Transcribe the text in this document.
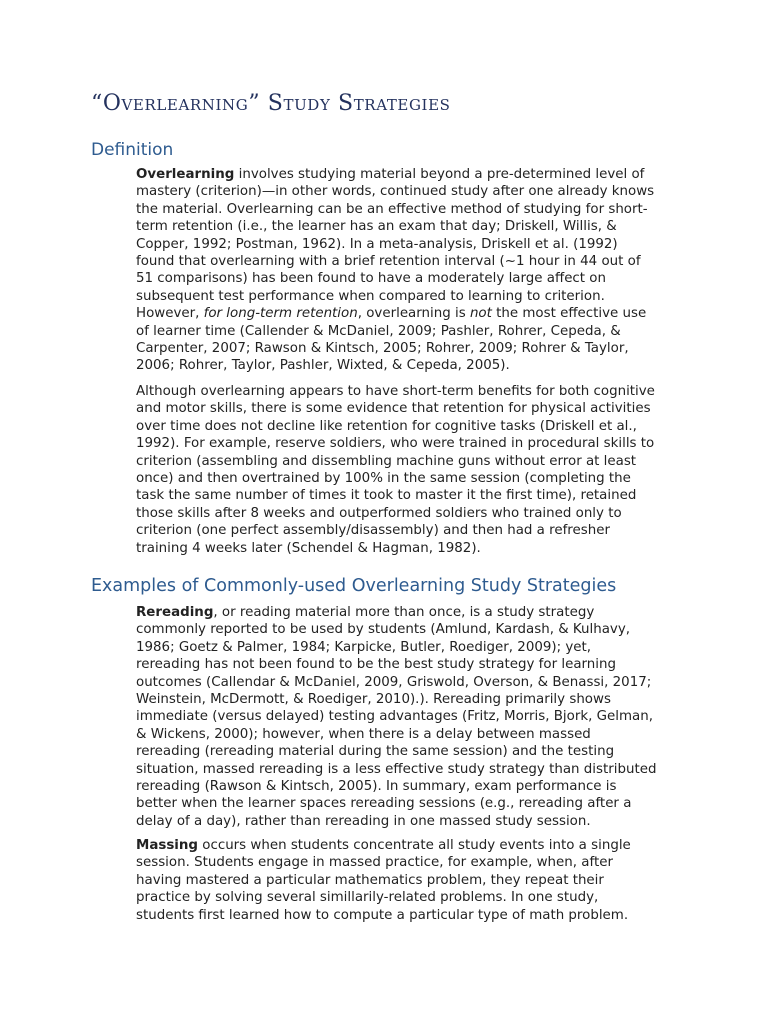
“Overlearning” Study Strategies
Definition

Overlearning involves studying material beyond a pre-determined level of
mastery (criterion)—in other words, continued study after one already knows
the material. Overlearning can be an effective method of studying for short-
term retention (i.e., the learner has an exam that day; Driskell, Willis, &
Copper, 1992; Postman, 1962). In a meta-analysis, Driskell et al. (1992)
found that overlearning with a brief retention interval (~1 hour in 44 out of
51 comparisons) has been found to have a moderately large affect on
subsequent test performance when compared to learning to criterion.
However, for long-term retention, overlearning is not the most effective use
of learner time (Callender & McDaniel, 2009; Pashler, Rohrer, Cepeda, &
Carpenter, 2007; Rawson & Kintsch, 2005; Rohrer, 2009; Rohrer & Taylor,
2006; Rohrer, Taylor, Pashler, Wixted, & Cepeda, 2005).

Although overlearning appears to have short-term benefits for both cognitive
and motor skills, there is some evidence that retention for physical activities
over time does not decline like retention for cognitive tasks (Driskell et al.,
1992). For example, reserve soldiers, who were trained in procedural skills to
criterion (assembling and dissembling machine guns without error at least
once) and then overtrained by 100% in the same session (completing the
task the same number of times it took to master it the first time), retained
those skills after 8 weeks and outperformed soldiers who trained only to
criterion (one perfect assembly/disassembly) and then had a refresher
training 4 weeks later (Schendel & Hagman, 1982).

Examples of Commonly-used Overlearning Study Strategies

Rereading, or reading material more than once, is a study strategy
commonly reported to be used by students (Amlund, Kardash, & Kulhavy,
1986; Goetz & Palmer, 1984; Karpicke, Butler, Roediger, 2009); yet,
rereading has not been found to be the best study strategy for learning
outcomes (Callendar & McDaniel, 2009, Griswold, Overson, & Benassi, 2017;
Weinstein, McDermott, & Roediger, 2010).). Rereading primarily shows
immediate (versus delayed) testing advantages (Fritz, Morris, Bjork, Gelman,
& Wickens, 2000); however, when there is a delay between massed
rereading (rereading material during the same session) and the testing
situation, massed rereading is a less effective study strategy than distributed
rereading (Rawson & Kintsch, 2005). In summary, exam performance is
better when the learner spaces rereading sessions (e.g., rereading after a
delay of a day), rather than rereading in one massed study session.

Massing occurs when students concentrate all study events into a single
session. Students engage in massed practice, for example, when, after
having mastered a particular mathematics problem, they repeat their
practice by solving several simillarily-related problems. In one study,
students first learned how to compute a particular type of math problem.
